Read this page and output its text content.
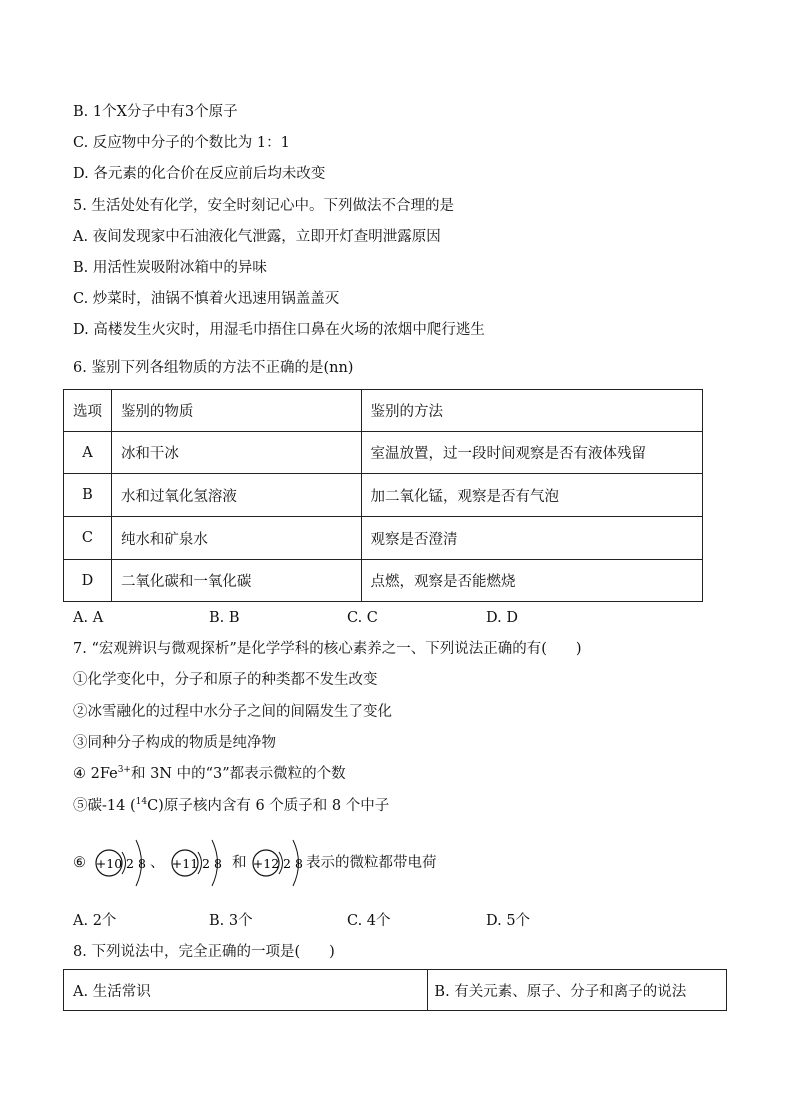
B. 1个X分子中有3个原子
C. 反应物中分子的个数比为 1：1
D. 各元素的化合价在反应前后均未改变
5. 生活处处有化学，安全时刻记心中。下列做法不合理的是
A. 夜间发现家中石油液化气泄露，立即开灯查明泄露原因
B. 用活性炭吸附冰箱中的异味
C. 炒菜时，油锅不慎着火迅速用锅盖盖灭
D. 高楼发生火灾时，用湿毛巾捂住口鼻在火场的浓烟中爬行逃生
6. 鉴别下列各组物质的方法不正确的是(nn)
选项	鉴别的物质	鉴别的方法
A	冰和干冰	室温放置，过一段时间观察是否有液体残留
B	水和过氧化氢溶液	加二氧化锰，观察是否有气泡
C	纯水和矿泉水	观察是否澄清
D	二氧化碳和一氧化碳	点燃，观察是否能燃烧
A. A	B. B	C. C	D. D
7. “宏观辨识与微观探析”是化学学科的核心素养之一、下列说法正确的有(　　)
①化学变化中，分子和原子的种类都不发生改变
②冰雪融化的过程中水分子之间的间隔发生了变化
③同种分子构成的物质是纯净物
④ $2Fe^{3+}$和 3N 中的“3”都表示微粒的个数
⑤碳-14 ($^{14}$C)原子核内含有 6 个质子和 8 个中子
⑥ +10 2 8 、 +11 2 8 和 +12 2 8 表示的微粒都带电荷
A. 2个	B. 3个	C. 4个	D. 5个
8. 下列说法中，完全正确的一项是(　　)
A. 生活常识	B. 有关元素、原子、分子和离子的说法
